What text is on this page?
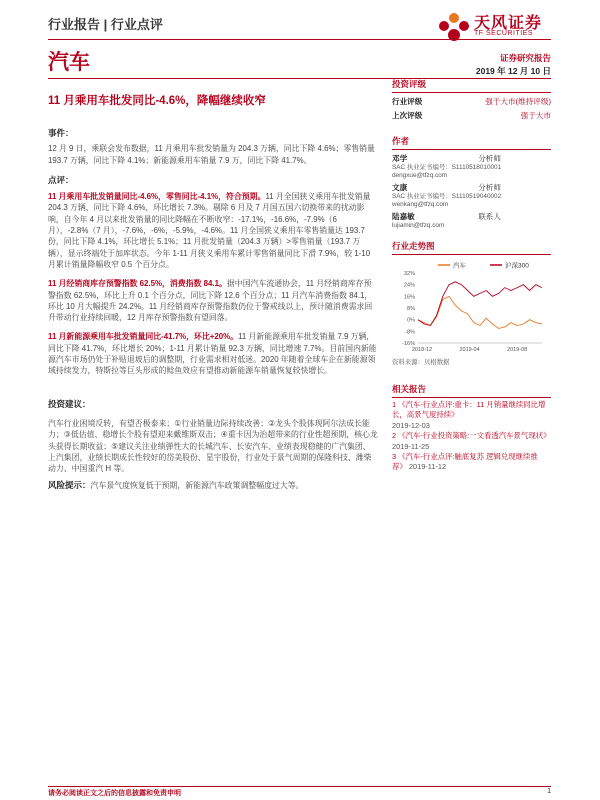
行业报告 | 行业点评	天风证券
TF SECURITIES
汽车	证券研究报告
2019 年 12 月 10 日
11 月乘用车批发同比-4.6%，降幅继续收窄
事件：

12 月 9 日，乘联会发布数据，11 月乘用车批发销量为 204.3 万辆，同比下降 4.6%；零售销量 193.7 万辆，同比下降 4.1%；新能源乘用车销量 7.9 万，同比下降 41.7%。

点评：

11 月乘用车批发销量同比-4.6%，零售同比-4.1%，符合预期。11 月全国狭义乘用车批发销量 204.3 万辆，同比下降 4.6%，环比增长 7.3%。剔除 6 月及 7 月国五国六切换带来的扰动影响，自今年 4 月以来批发销量的同比降幅在不断收窄：-17.1%，-16.6%，-7.9%（6 月），-2.8%（7 月），-7.6%，-6%，-5.9%，-4.6%。11 月全国狭义乘用车零售销量达 193.7 份，同比下降 4.1%，环比增长 5.1%；11 月批发销量（204.3 万辆）>零售销量（193.7 万辆），显示终端处于加库状态。今年 1-11 月狭义乘用车累计零售销量同比下滑 7.9%，较 1-10 月累计销量降幅收窄 0.5 个百分点。

11 月经销商库存预警指数 62.5%，消费指数 84.1。据中国汽车流通协会，11 月经销商库存预警指数 62.5%，环比上升 0.1 个百分点，同比下降 12.6 个百分点；11 月汽车消费指数 84.1，环比 10 月大幅提升 24.2%。11 月经销商库存预警指数仍位于警戒线以上，预计随消费需求回升带动行业持续回暖，12 月库存预警指数有望回落。

11 月新能源乘用车批发销量同比-41.7%，环比+20%。11 月新能源乘用车批发销量 7.9 万辆，同比下降 41.7%，环比增长 20%；1-11 月累计销量 92.3 万辆，同比增速 7.7%。目前国内新能源汽车市场仍处于补贴退坡后的调整期，行业需求相对低迷。2020 年随着全球车企在新能源领域持续发力，特斯拉等巨头形成的鲶鱼效应有望推动新能源车销量恢复较快增长。

投资建议：

汽车行业困境反转，有望否极泰来；①行业销量边际持续改善；②龙头个股体现阿尔法成长能力；③低估值、稳增长个股有望迎来戴维斯双击；④重卡因为治超带来的行业性超预期，核心龙头获得长期收益；⑤建议关注业绩弹性大的长城汽车、长安汽车、业绩表现稳健的广汽集团、上汽集团，业绩长期成长性较好的岱美股份、星宇股份，行业处于景气周期的保隆科技、潍柴动力、中国重汽 H 等。

风险提示：汽车景气度恢复低于预期，新能源汽车政策调整幅度过大等。

投资评级
行业评级	强于大市(维持评级)
上次评级	强于大市
作者
邓学	分析师
SAC 执业证书编号：S1110518010001
dengxue@tfzq.com
文康	分析师
SAC 执业证书编号：S1110519040002
wenkang@tfzq.com
陆嘉敏	联系人
lujiamin@tfzq.com
行业走势图
汽车	沪深300
-16%
-8%
0%
8%
16%
24%
32%
2018-12	2019-04	2019-08
资料来源：贝格数据
相关报告
1 《汽车-行业点评:重卡：11 月销量继续同比增长，高景气度持续》
2019-12-03
2 《汽车-行业投资策略:一文看透汽车景气现状》 2019-11-25
3 《汽车-行业点评:触底复苏 逻辑兑现继续推荐》 2019-11-12
请务必阅读正文之后的信息披露和免责申明	1
